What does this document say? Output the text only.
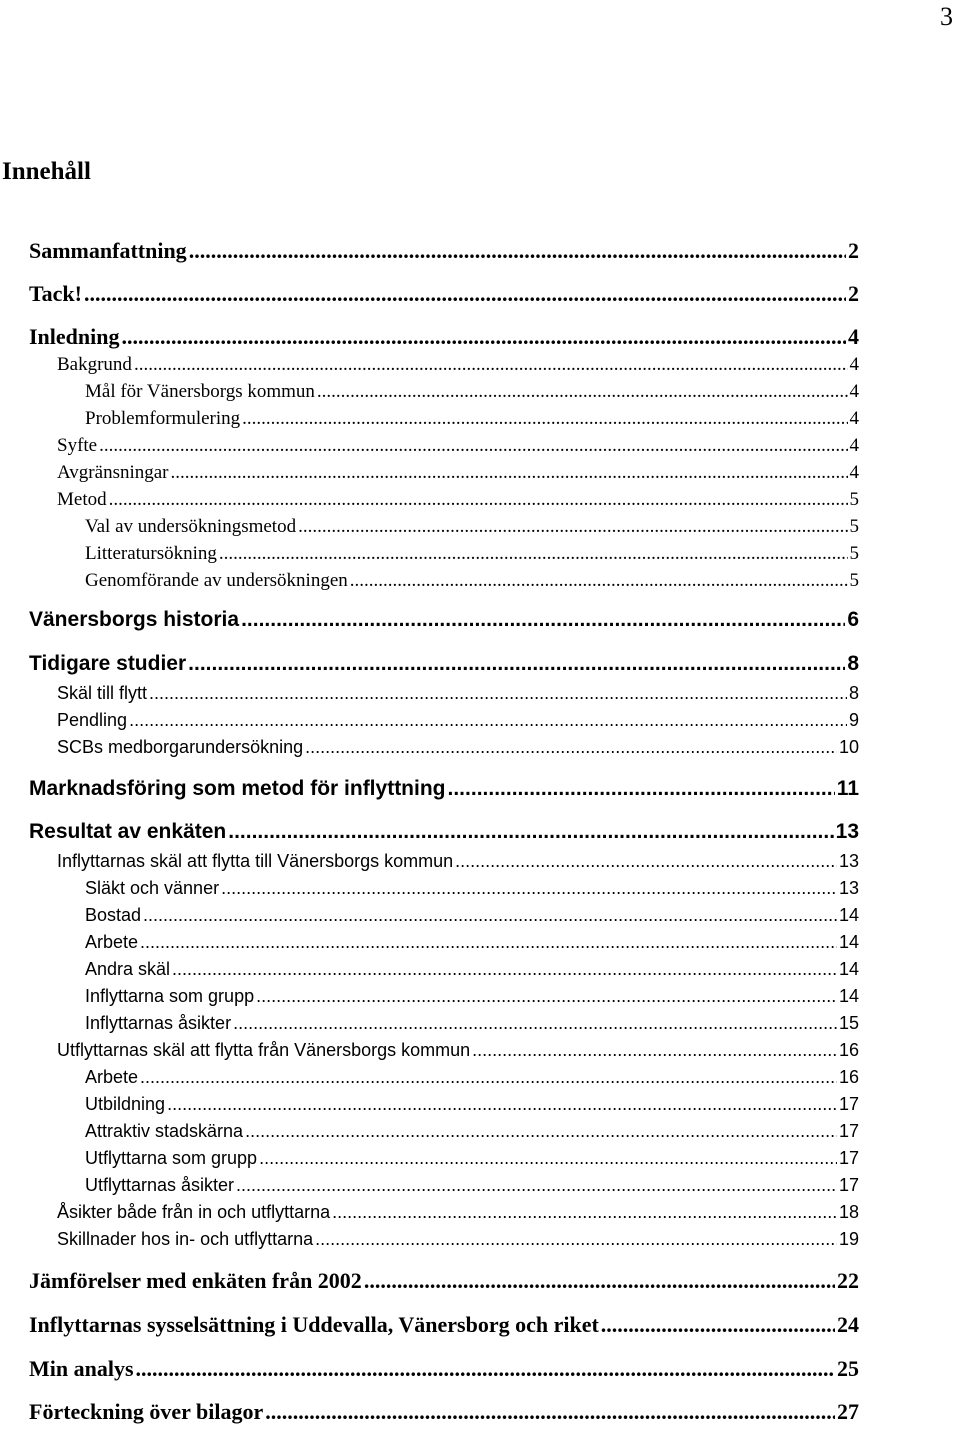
3
Innehåll
Sammanfattning .....	2
Tack! .....	2
Inledning .....	4
Bakgrund .....	4
Mål för Vänersborgs kommun .....	4
Problemformulering .....	4
Syfte .....	4
Avgränsningar .....	4
Metod .....	5
Val av undersökningsmetod .....	5
Litteratursökning .....	5
Genomförande av undersökningen .....	5
Vänersborgs historia .....	6
Tidigare studier .....	8
Skäl till flytt .....	8
Pendling .....	9
SCBs medborgarundersökning .....	10
Marknadsföring som metod för inflyttning .....	11
Resultat av enkäten .....	13
Inflyttarnas skäl att flytta till Vänersborgs kommun .....	13
Släkt och vänner .....	13
Bostad .....	14
Arbete .....	14
Andra skäl .....	14
Inflyttarna som grupp .....	14
Inflyttarnas åsikter .....	15
Utflyttarnas skäl att flytta från Vänersborgs kommun .....	16
Arbete .....	16
Utbildning .....	17
Attraktiv stadskärna .....	17
Utflyttarna som grupp .....	17
Utflyttarnas åsikter .....	17
Åsikter både från in och utflyttarna .....	18
Skillnader hos in- och utflyttarna .....	19
Jämförelser med enkäten från 2002 .....	22
Inflyttarnas sysselsättning i Uddevalla, Vänersborg och riket .....	24
Min analys .....	25
Förteckning över bilagor .....	27
